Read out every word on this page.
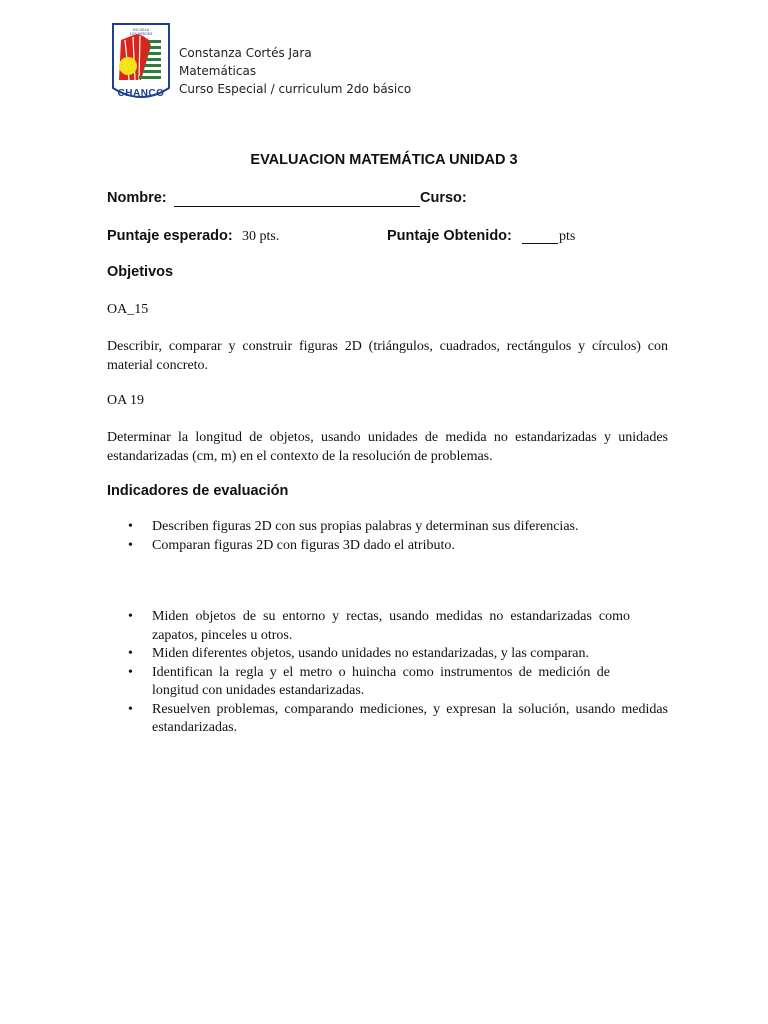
ESCUELA
LOS HEROES
CHANCO
Constanza Cortés Jara
Matemáticas
Curso Especial / curriculum 2do básico
EVALUACION MATEMÁTICA UNIDAD 3
Nombre:	Curso:
Puntaje esperado: 30 pts.	Puntaje Obtenido:	pts
Objetivos
OA_15
Describir, comparar y construir figuras 2D (triángulos, cuadrados, rectángulos y círculos) con material concreto.
OA 19
Determinar la longitud de objetos, usando unidades de medida no estandarizadas y unidades estandarizadas (cm, m) en el contexto de la resolución de problemas.
Indicadores de evaluación
• Describen figuras 2D con sus propias palabras y determinan sus diferencias.
• Comparan figuras 2D con figuras 3D dado el atributo.
• Miden objetos de su entorno y rectas, usando medidas no estandarizadas como zapatos, pinceles u otros.
• Miden diferentes objetos, usando unidades no estandarizadas, y las comparan.
• Identifican la regla y el metro o huincha como instrumentos de medición de longitud con unidades estandarizadas.
• Resuelven problemas, comparando mediciones, y expresan la solución, usando medidas estandarizadas.
